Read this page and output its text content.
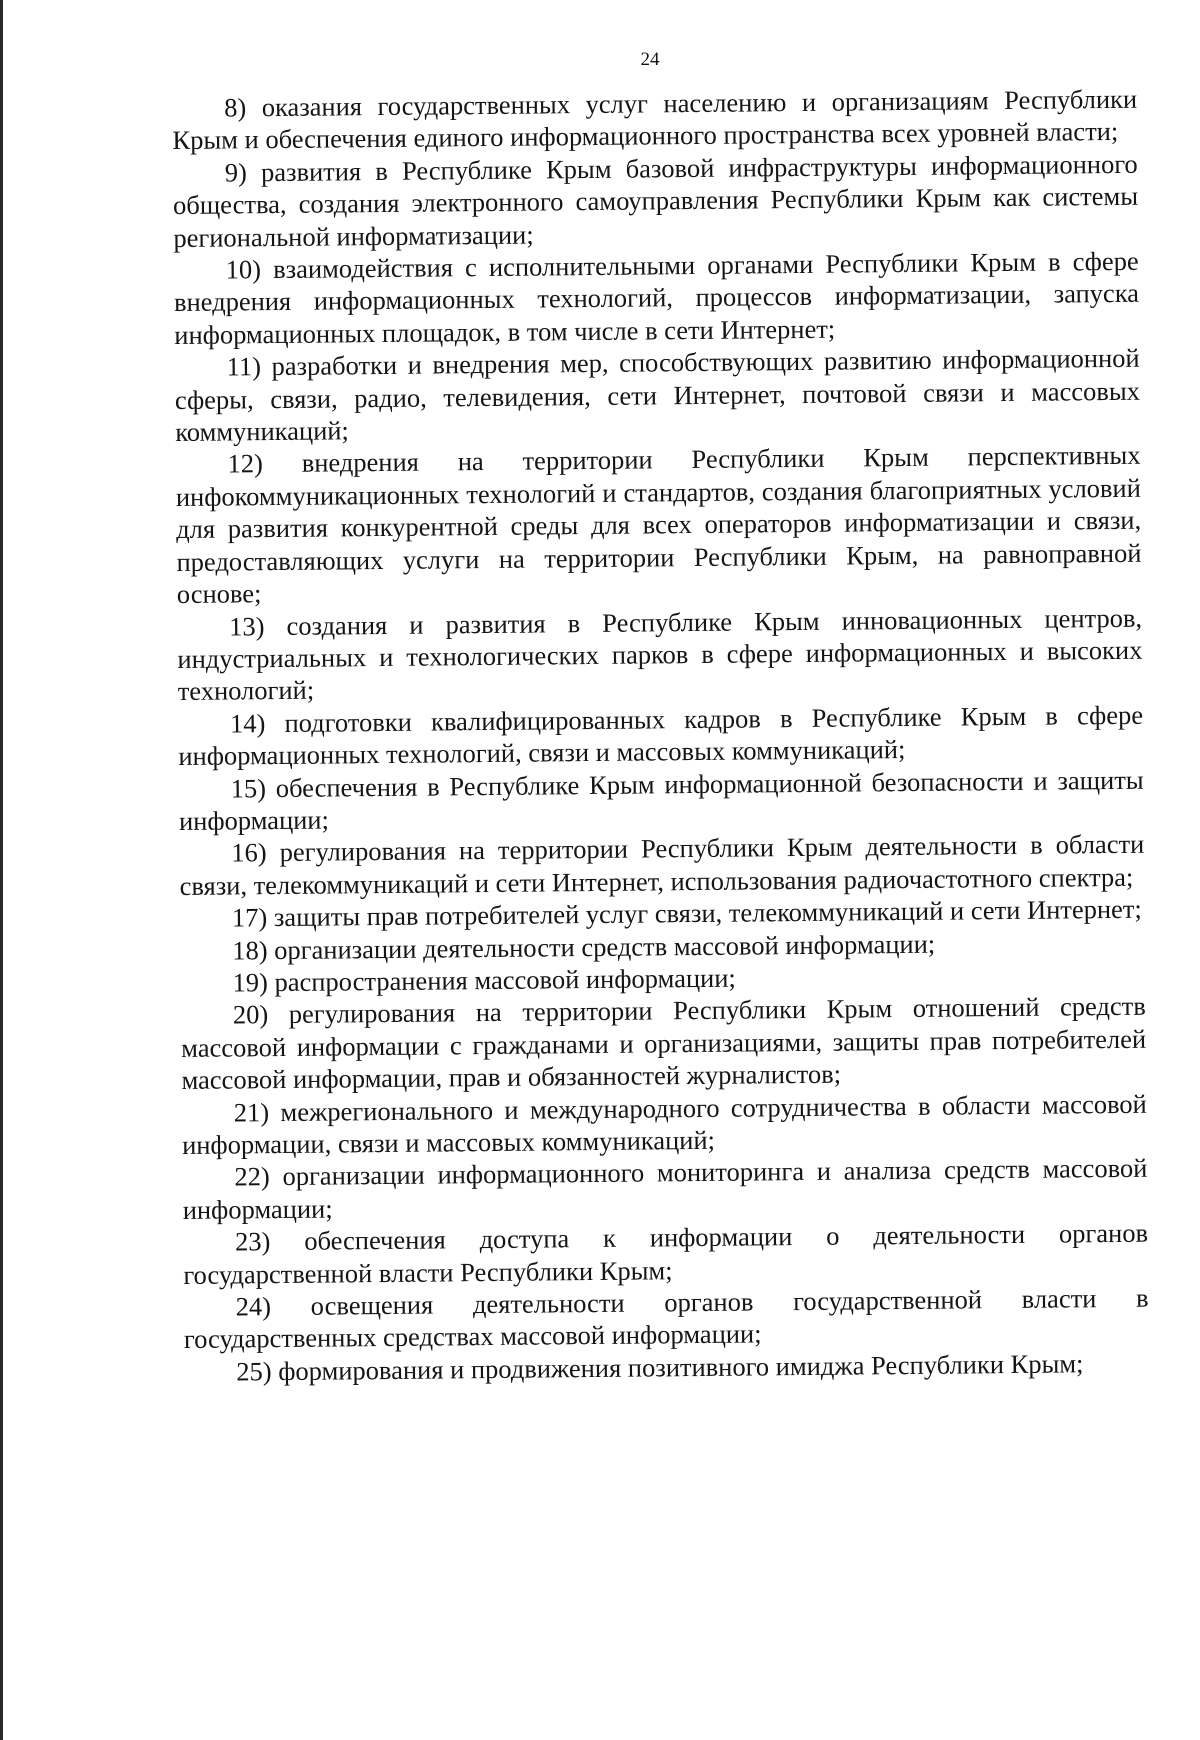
24

8) оказания государственных услуг населению и организациям Республики Крым и обеспечения единого информационного пространства всех уровней власти;

9) развития в Республике Крым базовой инфраструктуры информационного общества, создания электронного самоуправления Республики Крым как системы региональной информатизации;

10) взаимодействия с исполнительными органами Республики Крым в сфере внедрения информационных технологий, процессов информатизации, запуска информационных площадок, в том числе в сети Интернет;

11) разработки и внедрения мер, способствующих развитию информационной сферы, связи, радио, телевидения, сети Интернет, почтовой связи и массовых коммуникаций;

12) внедрения на территории Республики Крым перспективных инфокоммуникационных технологий и стандартов, создания благоприятных условий для развития конкурентной среды для всех операторов информатизации и связи, предоставляющих услуги на территории Республики Крым, на равноправной основе;

13) создания и развития в Республике Крым инновационных центров, индустриальных и технологических парков в сфере информационных и высоких технологий;

14) подготовки квалифицированных кадров в Республике Крым в сфере информационных технологий, связи и массовых коммуникаций;

15) обеспечения в Республике Крым информационной безопасности и защиты информации;

16) регулирования на территории Республики Крым деятельности в области связи, телекоммуникаций и сети Интернет, использования радиочастотного спектра;

17) защиты прав потребителей услуг связи, телекоммуникаций и сети Интернет;

18) организации деятельности средств массовой информации;

19) распространения массовой информации;

20) регулирования на территории Республики Крым отношений средств массовой информации с гражданами и организациями, защиты прав потребителей массовой информации, прав и обязанностей журналистов;

21) межрегионального и международного сотрудничества в области массовой информации, связи и массовых коммуникаций;

22) организации информационного мониторинга и анализа средств массовой информации;

23) обеспечения доступа к информации о деятельности органов государственной власти Республики Крым;

24) освещения деятельности органов государственной власти в государственных средствах массовой информации;

25) формирования и продвижения позитивного имиджа Республики Крым;
